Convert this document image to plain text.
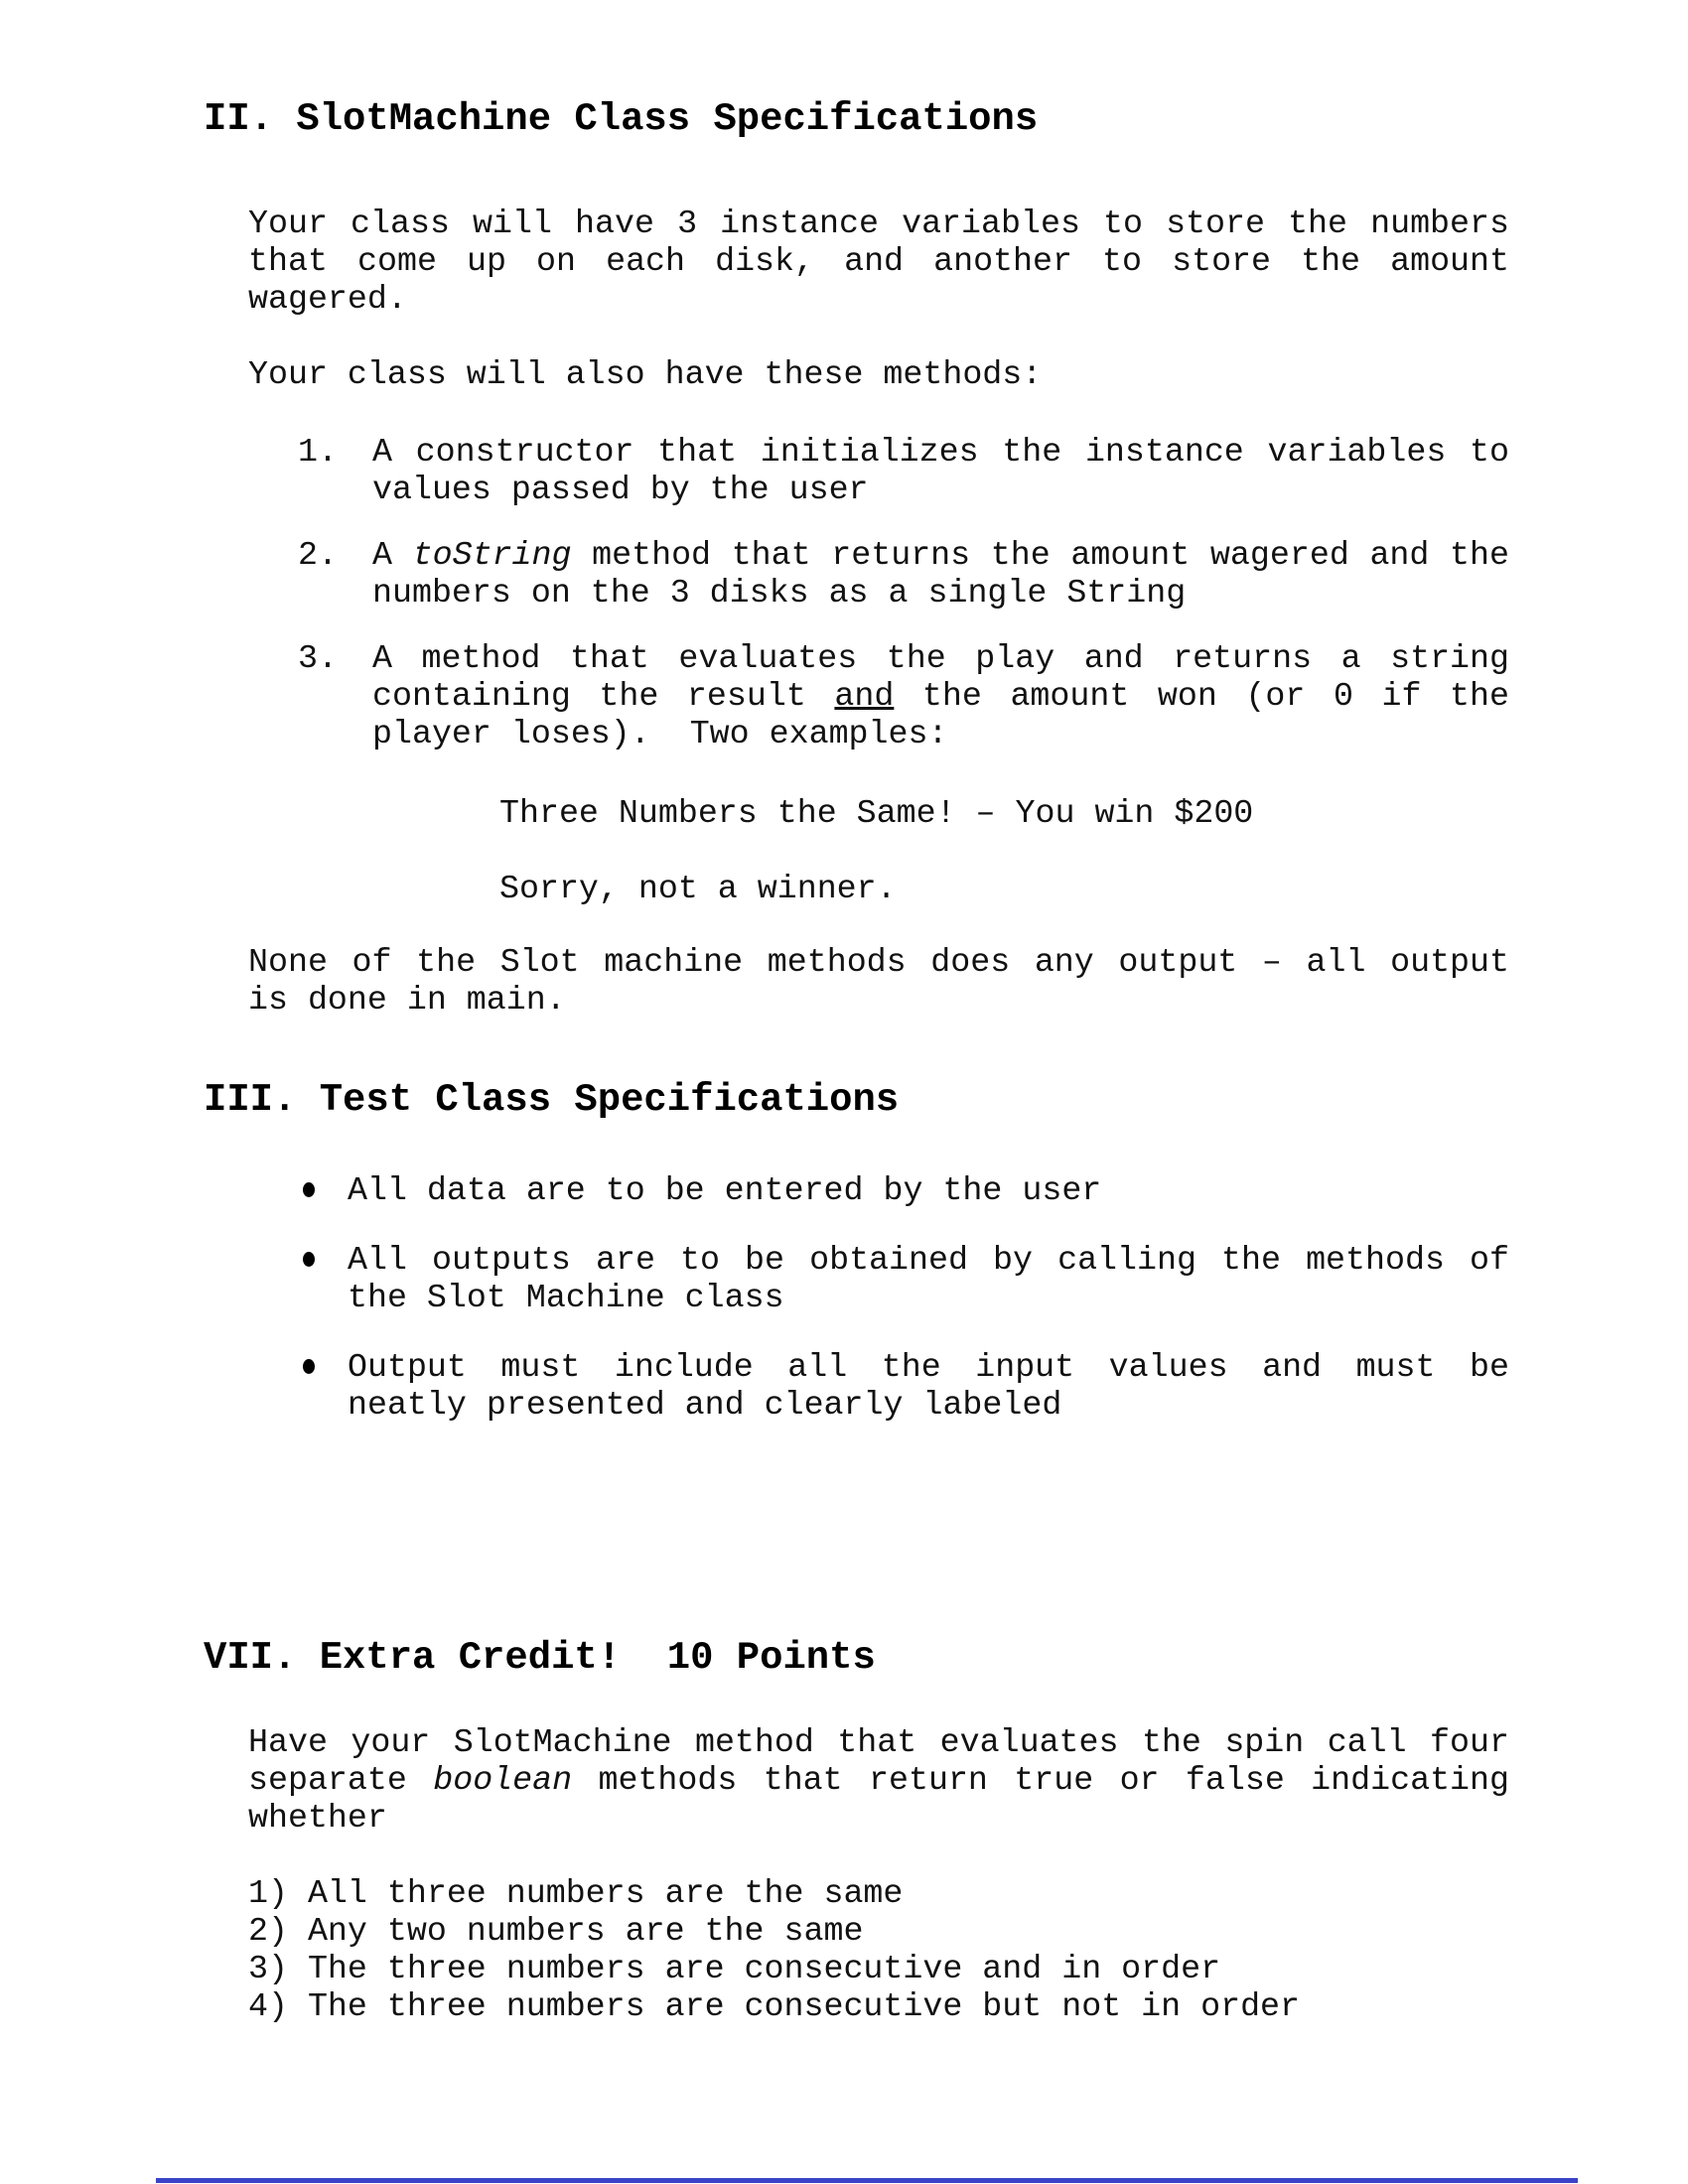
II. SlotMachine Class Specifications

Your class will have 3 instance variables to store the numbers that come up on each disk, and another to store the amount wagered.

Your class will also have these methods:

1. A constructor that initializes the instance variables to values passed by the user
2. A toString method that returns the amount wagered and the numbers on the 3 disks as a single String
3. A method that evaluates the play and returns a string containing the result and the amount won (or 0 if the player loses).  Two examples:

Three Numbers the Same! – You win $200

Sorry, not a winner.

None of the Slot machine methods does any output – all output is done in main.

III. Test Class Specifications
All data are to be entered by the user
All outputs are to be obtained by calling the methods of the Slot Machine class
Output must include all the input values and must be neatly presented and clearly labeled
VII. Extra Credit!  10 Points

Have your SlotMachine method that evaluates the spin call four separate boolean methods that return true or false indicating whether

1) All three numbers are the same

2) Any two numbers are the same

3) The three numbers are consecutive and in order

4) The three numbers are consecutive but not in order
